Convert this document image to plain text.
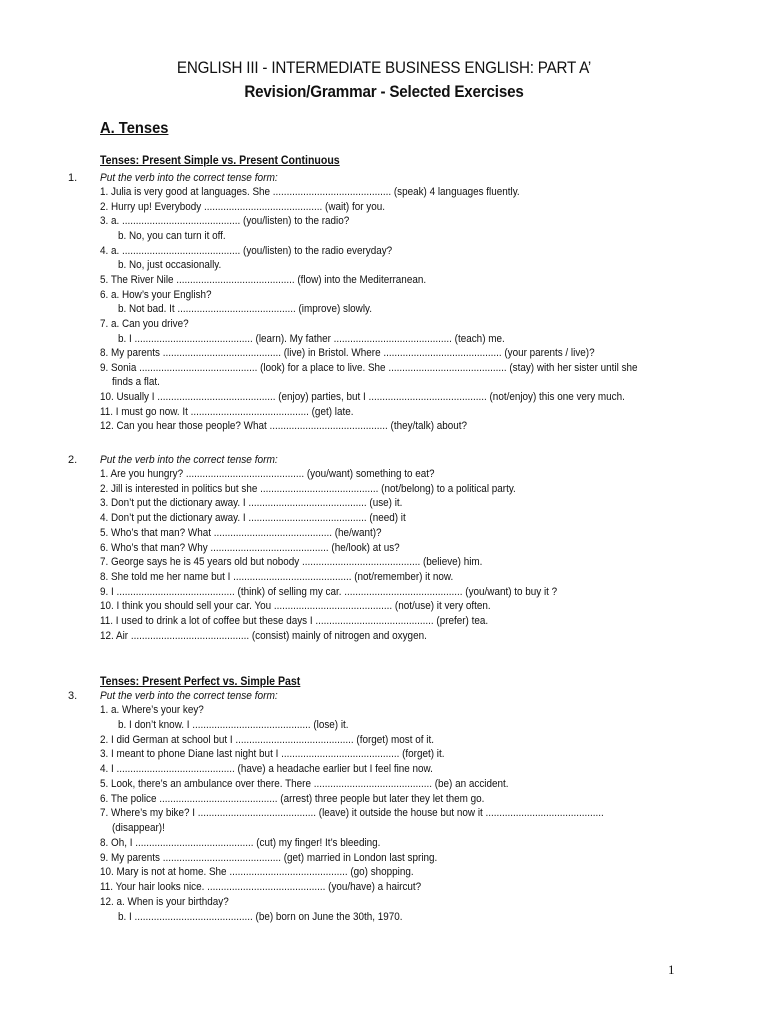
ENGLISH III - INTERMEDIATE BUSINESS ENGLISH: PART A’
Revision/Grammar - Selected Exercises
A. Tenses
Tenses: Present Simple vs. Present Continuous
1. Put the verb into the correct tense form:
1. Julia is very good at languages. She ........................................... (speak) 4 languages fluently.
2. Hurry up! Everybody ........................................... (wait) for you.
3. a. ........................................... (you/listen) to the radio?
b. No, you can turn it off.
4. a. ........................................... (you/listen) to the radio everyday?
b. No, just occasionally.
5. The River Nile ........................................... (flow) into the Mediterranean.
6. a. How’s your English?
b. Not bad. It ........................................... (improve) slowly.
7. a. Can you drive?
b. I ........................................... (learn). My father ........................................... (teach) me.
8. My parents ........................................... (live) in Bristol. Where ........................................... (your parents / live)?
9. Sonia ........................................... (look) for a place to live. She ........................................... (stay) with her sister until she
finds a flat.
10. Usually I ........................................... (enjoy) parties, but I ........................................... (not/enjoy) this one very much.
11. I must go now. It ........................................... (get) late.
12. Can you hear those people? What ........................................... (they/talk) about?
2. Put the verb into the correct tense form:
1. Are you hungry? ........................................... (you/want) something to eat?
2. Jill is interested in politics but she ........................................... (not/belong) to a political party.
3. Don’t put the dictionary away. I ........................................... (use) it.
4. Don’t put the dictionary away. I ........................................... (need) it
5. Who’s that man? What ........................................... (he/want)?
6. Who’s that man? Why ........................................... (he/look) at us?
7. George says he is 45 years old but nobody ........................................... (believe) him.
8. She told me her name but I ........................................... (not/remember) it now.
9. I ........................................... (think) of selling my car. ........................................... (you/want) to buy it ?
10. I think you should sell your car. You ........................................... (not/use) it very often.
11. I used to drink a lot of coffee but these days I ........................................... (prefer) tea.
12. Air ........................................... (consist) mainly of nitrogen and oxygen.
Tenses: Present Perfect vs. Simple Past
3. Put the verb into the correct tense form:
1. a. Where’s your key?
b. I don’t know. I ........................................... (lose) it.
2. I did German at school but I ........................................... (forget) most of it.
3. I meant to phone Diane last night but I ........................................... (forget) it.
4. I ........................................... (have) a headache earlier but I feel fine now.
5. Look, there’s an ambulance over there. There ........................................... (be) an accident.
6. The police ........................................... (arrest) three people but later they let them go.
7. Where’s my bike? I ........................................... (leave) it outside the house but now it ...........................................
(disappear)!
8. Oh, I ........................................... (cut) my finger! It’s bleeding.
9. My parents ........................................... (get) married in London last spring.
10. Mary is not at home. She ........................................... (go) shopping.
11. Your hair looks nice. ........................................... (you/have) a haircut?
12. a. When is your birthday?
b. I ........................................... (be) born on June the 30th, 1970.
1
